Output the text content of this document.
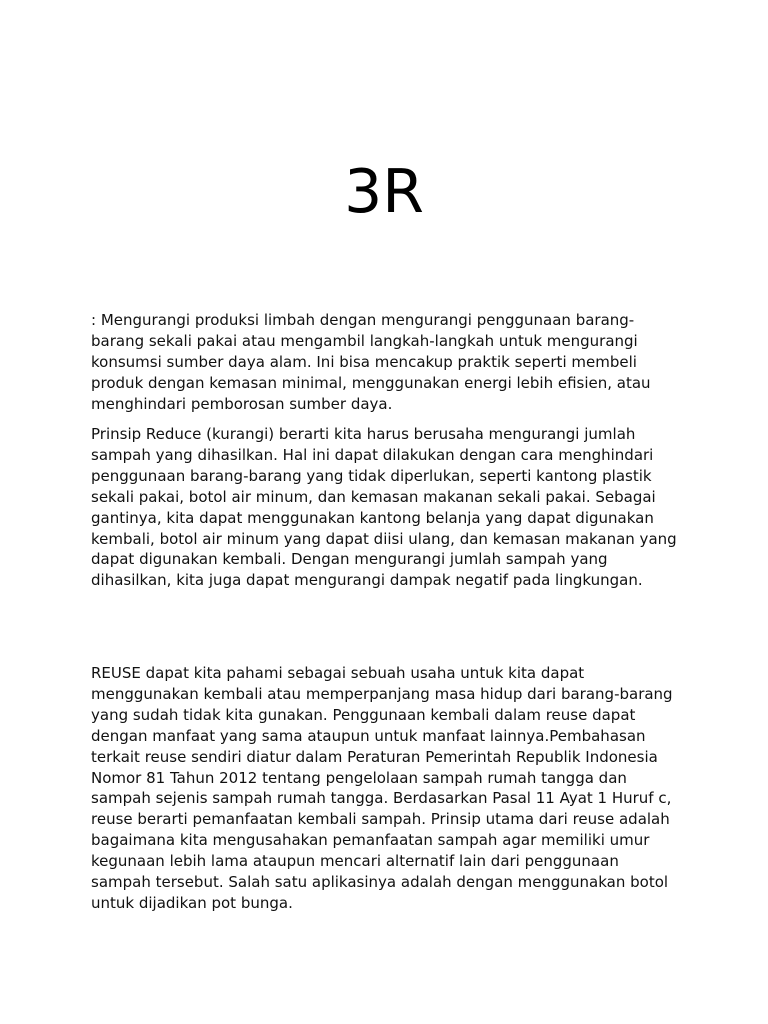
3R

: Mengurangi produksi limbah dengan mengurangi penggunaan barang-barang sekali pakai atau mengambil langkah-langkah untuk mengurangi konsumsi sumber daya alam. Ini bisa mencakup praktik seperti membeli produk dengan kemasan minimal, menggunakan energi lebih efisien, atau menghindari pemborosan sumber daya.

Prinsip Reduce (kurangi) berarti kita harus berusaha mengurangi jumlah sampah yang dihasilkan. Hal ini dapat dilakukan dengan cara menghindari penggunaan barang-barang yang tidak diperlukan, seperti kantong plastik sekali pakai, botol air minum, dan kemasan makanan sekali pakai. Sebagai gantinya, kita dapat menggunakan kantong belanja yang dapat digunakan kembali, botol air minum yang dapat diisi ulang, dan kemasan makanan yang dapat digunakan kembali. Dengan mengurangi jumlah sampah yang dihasilkan, kita juga dapat mengurangi dampak negatif pada lingkungan.

REUSE dapat kita pahami sebagai sebuah usaha untuk kita dapat menggunakan kembali atau memperpanjang masa hidup dari barang-barang yang sudah tidak kita gunakan. Penggunaan kembali dalam reuse dapat dengan manfaat yang sama ataupun untuk manfaat lainnya.Pembahasan terkait reuse sendiri diatur dalam Peraturan Pemerintah Republik Indonesia Nomor 81 Tahun 2012 tentang pengelolaan sampah rumah tangga dan sampah sejenis sampah rumah tangga. Berdasarkan Pasal 11 Ayat 1 Huruf c, reuse berarti pemanfaatan kembali sampah. Prinsip utama dari reuse adalah bagaimana kita mengusahakan pemanfaatan sampah agar memiliki umur kegunaan lebih lama ataupun mencari alternatif lain dari penggunaan sampah tersebut. Salah satu aplikasinya adalah dengan menggunakan botol untuk dijadikan pot bunga.
